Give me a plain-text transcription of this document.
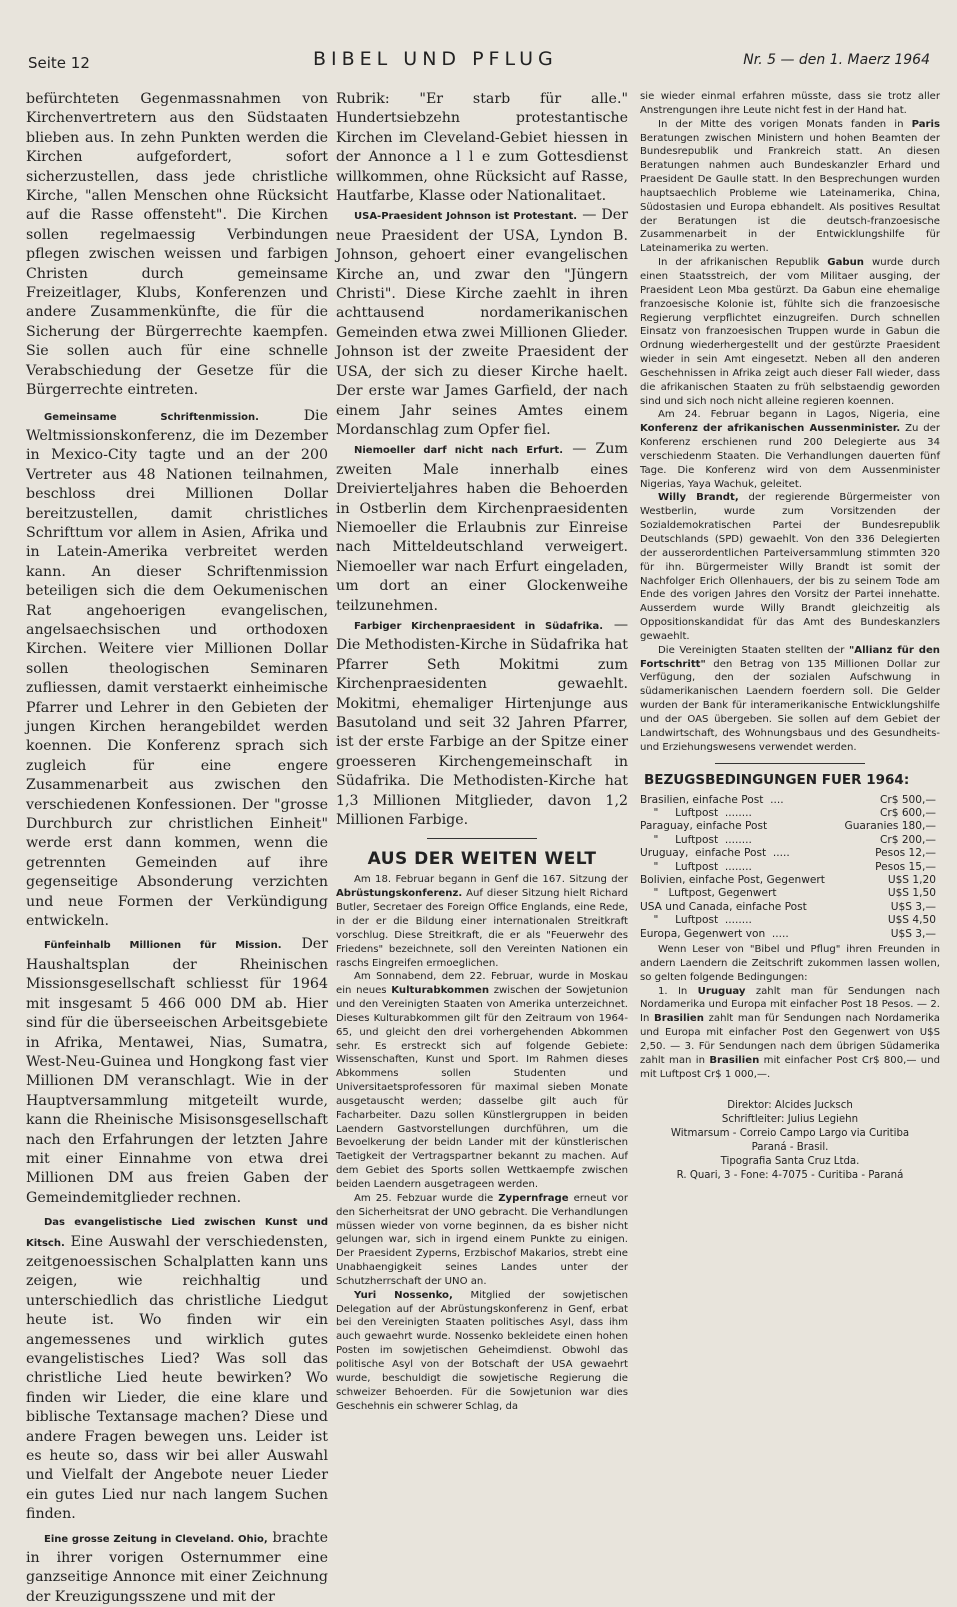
Seite 12	BIBEL UND PFLUG	Nr. 5 — den 1. Maerz 1964

befürchteten Gegenmassnahmen von Kirchenvertretern aus den Südstaaten blieben aus. In zehn Punkten werden die Kirchen aufgefordert, sofort sicherzustellen, dass jede christliche Kirche, "allen Menschen ohne Rücksicht auf die Rasse offensteht". Die Kirchen sollen regelmaessig Verbindungen pflegen zwischen weissen und farbigen Christen durch gemeinsame Freizeitlager, Klubs, Konferenzen und andere Zusammenkünfte, die für die Sicherung der Bürgerrechte kaempfen. Sie sollen auch für eine schnelle Verabschiedung der Gesetze für die Bürgerrechte eintreten.

Gemeinsame Schriftenmission.	Die Weltmissionskonferenz, die im Dezember in Mexico-City tagte und an der 200 Vertreter aus 48 Nationen teilnahmen, beschloss drei Millionen Dollar bereitzustellen, damit christliches Schrifttum vor allem in Asien, Afrika und in Latein-Amerika verbreitet werden kann. An dieser Schriftenmission beteiligen sich die dem Oekumenischen Rat angehoerigen evangelischen, angelsaechsischen und orthodoxen Kirchen. Weitere vier Millionen Dollar sollen theologischen Seminaren zufliessen, damit verstaerkt einheimische Pfarrer und Lehrer in den Gebieten der jungen Kirchen herangebildet werden koennen. Die Konferenz sprach sich zugleich für eine engere Zusammenarbeit aus zwischen den verschiedenen Konfessionen. Der "grosse Durchburch zur christlichen Einheit" werde erst dann kommen, wenn die getrennten Gemeinden auf ihre gegenseitige Absonderung verzichten und neue Formen der Verkündigung entwickeln.

Fünfeinhalb Millionen für Mission. Der Haushaltsplan der Rheinischen Missionsgesellschaft schliesst für 1964 mit insgesamt 5 466 000 DM ab. Hier sind für die überseeischen Arbeitsgebiete in Afrika, Mentawei, Nias, Sumatra, West-Neu-Guinea und Hongkong fast vier Millionen DM veranschlagt. Wie in der Hauptversammlung mitgeteilt wurde, kann die Rheinische Misisonsgesellschaft nach den Erfahrungen der letzten Jahre mit einer Einnahme von etwa drei Millionen DM aus freien Gaben der Gemeindemitglieder rechnen.

Das evangelistische Lied zwischen Kunst und Kitsch. Eine Auswahl der verschiedensten, zeitgenoessischen Schalplatten kann uns zeigen, wie reichhaltig und unterschiedlich das christliche Liedgut heute ist. Wo finden wir ein angemessenes und wirklich gutes evangelistisches Lied? Was soll das christliche Lied heute bewirken? Wo finden wir Lieder, die eine klare und biblische Textansage machen? Diese und andere Fragen bewegen uns. Leider ist es heute so, dass wir bei aller Auswahl und Vielfalt der Angebote neuer Lieder ein gutes Lied nur nach langem Suchen finden.

Eine grosse Zeitung in Cleveland. Ohio, brachte in ihrer vorigen Osternummer eine ganzseitige Annonce mit einer Zeichnung der Kreuzigungsszene und mit der

Rubrik: "Er starb für alle." Hundertsiebzehn protestantische Kirchen im Cleveland-Gebiet hiessen in der Annonce a l l e zum Gottesdienst willkommen, ohne Rücksicht auf Rasse, Hautfarbe, Klasse oder Nationalitaet.

USA-Praesident Johnson ist Protestant. — Der neue Praesident der USA, Lyndon B. Johnson, gehoert einer evangelischen Kirche an, und zwar den "Jüngern Christi". Diese Kirche zaehlt in ihren achttausend nordamerikanischen Gemeinden etwa zwei Millionen Glieder. Johnson ist der zweite Praesident der USA, der sich zu dieser Kirche haelt. Der erste war James Garfield, der nach einem Jahr seines Amtes einem Mordanschlag zum Opfer fiel.

Niemoeller darf nicht nach Erfurt. — Zum zweiten Male innerhalb eines Dreivierteljahres haben die Behoerden in Ostberlin dem Kirchenpraesidenten Niemoeller die Erlaubnis zur Einreise nach Mitteldeutschland verweigert. Niemoeller war nach Erfurt eingeladen, um dort an einer Glockenweihe teilzunehmen.

Farbiger Kirchenpraesident in Südafrika. — Die Methodisten-Kirche in Südafrika hat Pfarrer Seth Mokitmi zum Kirchenpraesidenten gewaehlt. Mokitmi, ehemaliger Hirtenjunge aus Basutoland und seit 32 Jahren Pfarrer, ist der erste Farbige an der Spitze einer groesseren Kirchengemeinschaft in Südafrika. Die Methodisten-Kirche hat 1,3 Millionen Mitglieder, davon 1,2 Millionen Farbige.

AUS DER WEITEN WELT

Am 18. Februar begann in Genf die 167. Sitzung der Abrüstungskonferenz. Auf dieser Sitzung hielt Richard Butler, Secretaer des Foreign Office Englands, eine Rede, in der er die Bildung einer internationalen Streitkraft vorschlug. Diese Streitkraft, die er als "Feuerwehr des Friedens" bezeichnete, soll den Vereinten Nationen ein raschs Eingreifen ermoeglichen.

Am Sonnabend, dem 22. Februar, wurde in Moskau ein neues Kulturabkommen zwischen der Sowjetunion und den Vereinigten Staaten von Amerika unterzeichnet. Dieses Kulturabkommen gilt für den Zeitraum von 1964-65, und gleicht den drei vorhergehenden Abkommen sehr. Es erstreckt sich auf folgende Gebiete: Wissenschaften, Kunst und Sport. Im Rahmen dieses Abkommens sollen Studenten und Universitaetsprofessoren für maximal sieben Monate ausgetauscht werden; dasselbe gilt auch für Facharbeiter. Dazu sollen Künstlergruppen in beiden Laendern Gastvorstellungen durchführen, um die Bevoelkerung der beidn Lander mit der künstlerischen Taetigkeit der Vertragspartner bekannt zu machen. Auf dem Gebiet des Sports sollen Wettkaempfe zwischen beiden Laendern ausgetrageen werden.

Am 25. Febzuar wurde die Zypernfrage erneut vor den Sicherheitsrat der UNO gebracht. Die Verhandlungen müssen wieder von vorne beginnen, da es bisher nicht gelungen war, sich in irgend einem Punkte zu einigen. Der Praesident Zyperns, Erzbischof Makarios, strebt eine Unabhaengigkeit seines Landes unter der Schutzherrschaft der UNO an.

Yuri Nossenko, Mitglied der sowjetischen Delegation auf der Abrüstungskonferenz in Genf, erbat bei den Vereinigten Staaten politisches Asyl, dass ihm auch gewaehrt wurde. Nossenko bekleidete einen hohen Posten im sowjetischen Geheimdienst. Obwohl das politische Asyl von der Botschaft der USA gewaehrt wurde, beschuldigt die sowjetische Regierung die schweizer Behoerden. Für die Sowjetunion war dies Geschehnis ein schwerer Schlag, da

sie wieder einmal erfahren müsste, dass sie trotz aller Anstrengungen ihre Leute nicht fest in der Hand hat.

In der Mitte des vorigen Monats fanden in Paris Beratungen zwischen Ministern und hohen Beamten der Bundesrepublik und Frankreich statt. An diesen Beratungen nahmen auch Bundeskanzler Erhard und Praesident De Gaulle statt. In den Besprechungen wurden hauptsaechlich Probleme wie Lateinamerika, China, Südostasien und Europa ebhandelt. Als positives Resultat der Beratungen ist die deutsch-franzoesische Zusammenarbeit in der Entwicklungshilfe für Lateinamerika zu werten.

In der afrikanischen Republik Gabun wurde durch einen Staatsstreich, der vom Militaer ausging, der Praesident Leon Mba gestürzt. Da Gabun eine ehemalige franzoesische Kolonie ist, fühlte sich die franzoesische Regierung verpflichtet einzugreifen. Durch schnellen Einsatz von franzoesischen Truppen wurde in Gabun die Ordnung wiederhergestellt und der gestürzte Praesident wieder in sein Amt eingesetzt. Neben all den anderen Geschehnissen in Afrika zeigt auch dieser Fall wieder, dass die afrikanischen Staaten zu früh selbstaendig geworden sind und sich noch nicht alleine regieren koennen.

Am 24. Februar begann in Lagos, Nigeria, eine Konferenz der afrikanischen Aussenminister. Zu der Konferenz erschienen rund 200 Delegierte aus 34 verschiedenm Staaten. Die Verhandlungen dauerten fünf Tage. Die Konferenz wird von dem Aussenminister Nigerias, Yaya Wachuk, geleitet.

Willy Brandt, der regierende Bürgermeister von Westberlin, wurde zum Vorsitzenden der Sozialdemokratischen Partei der Bundesrepublik Deutschlands (SPD) gewaehlt. Von den 336 Delegierten der ausserordentlichen Parteiversammlung stimmten 320 für ihn. Bürgermeister Willy Brandt ist somit der Nachfolger Erich Ollenhauers, der bis zu seinem Tode am Ende des vorigen Jahres den Vorsitz der Partei innehatte. Ausserdem wurde Willy Brandt gleichzeitig als Oppositionskandidat für das Amt des Bundeskanzlers gewaehlt.

Die Vereinigten Staaten stellten der "Allianz für den Fortschritt" den Betrag von 135 Millionen Dollar zur Verfügung, den der sozialen Aufschwung in südamerikanischen Laendern foerdern soll. Die Gelder wurden der Bank für interamerikanische Entwicklungshilfe und der OAS übergeben. Sie sollen auf dem Gebiet der Landwirtschaft, des Wohnungsbaus und des Gesundheits- und Erziehungswesens verwendet werden.

BEZUGSBEDINGUNGEN FUER 1964:
Brasilien, einfache Post  ....	Cr$ 500,—
"     Luftpost  ........	Cr$ 600,—
Paraguay, einfache Post	Guaranies 180,—
"     Luftpost  ........	Cr$ 200,—
Uruguay,  einfache Post  .....	Pesos 12,—
"     Luftpost  ........	Pesos 15,—
Bolivien, einfache Post, Gegenwert	U$S 1,20
"   Luftpost, Gegenwert	U$S 1,50
USA und Canada, einfache Post	U$S 3,—
"     Luftpost  ........	U$S 4,50
Europa, Gegenwert von  .....	U$S 3,—

Wenn Leser von "Bibel und Pflug" ihren Freunden in andern Laendern die Zeitschrift zukommen lassen wollen, so gelten folgende Bedingungen:

1. In Uruguay zahlt man für Sendungen nach Nordamerika und Europa mit einfacher Post 18 Pesos. — 2. In Brasilien zahlt man für Sendungen nach Nordamerika und Europa mit einfacher Post den Gegenwert von U$S 2,50. — 3. Für Sendungen nach dem übrigen Südamerika zahlt man in Brasilien mit einfacher Post Cr$ 800,— und mit Luftpost Cr$ 1 000,—.

Direktor: Alcides Jucksch
Schriftleiter: Julius Legiehn
Witmarsum - Correio Campo Largo via Curitiba
Paraná - Brasil.
Tipografia Santa Cruz Ltda.
R. Quari, 3 - Fone: 4-7075 - Curitiba - Paraná
